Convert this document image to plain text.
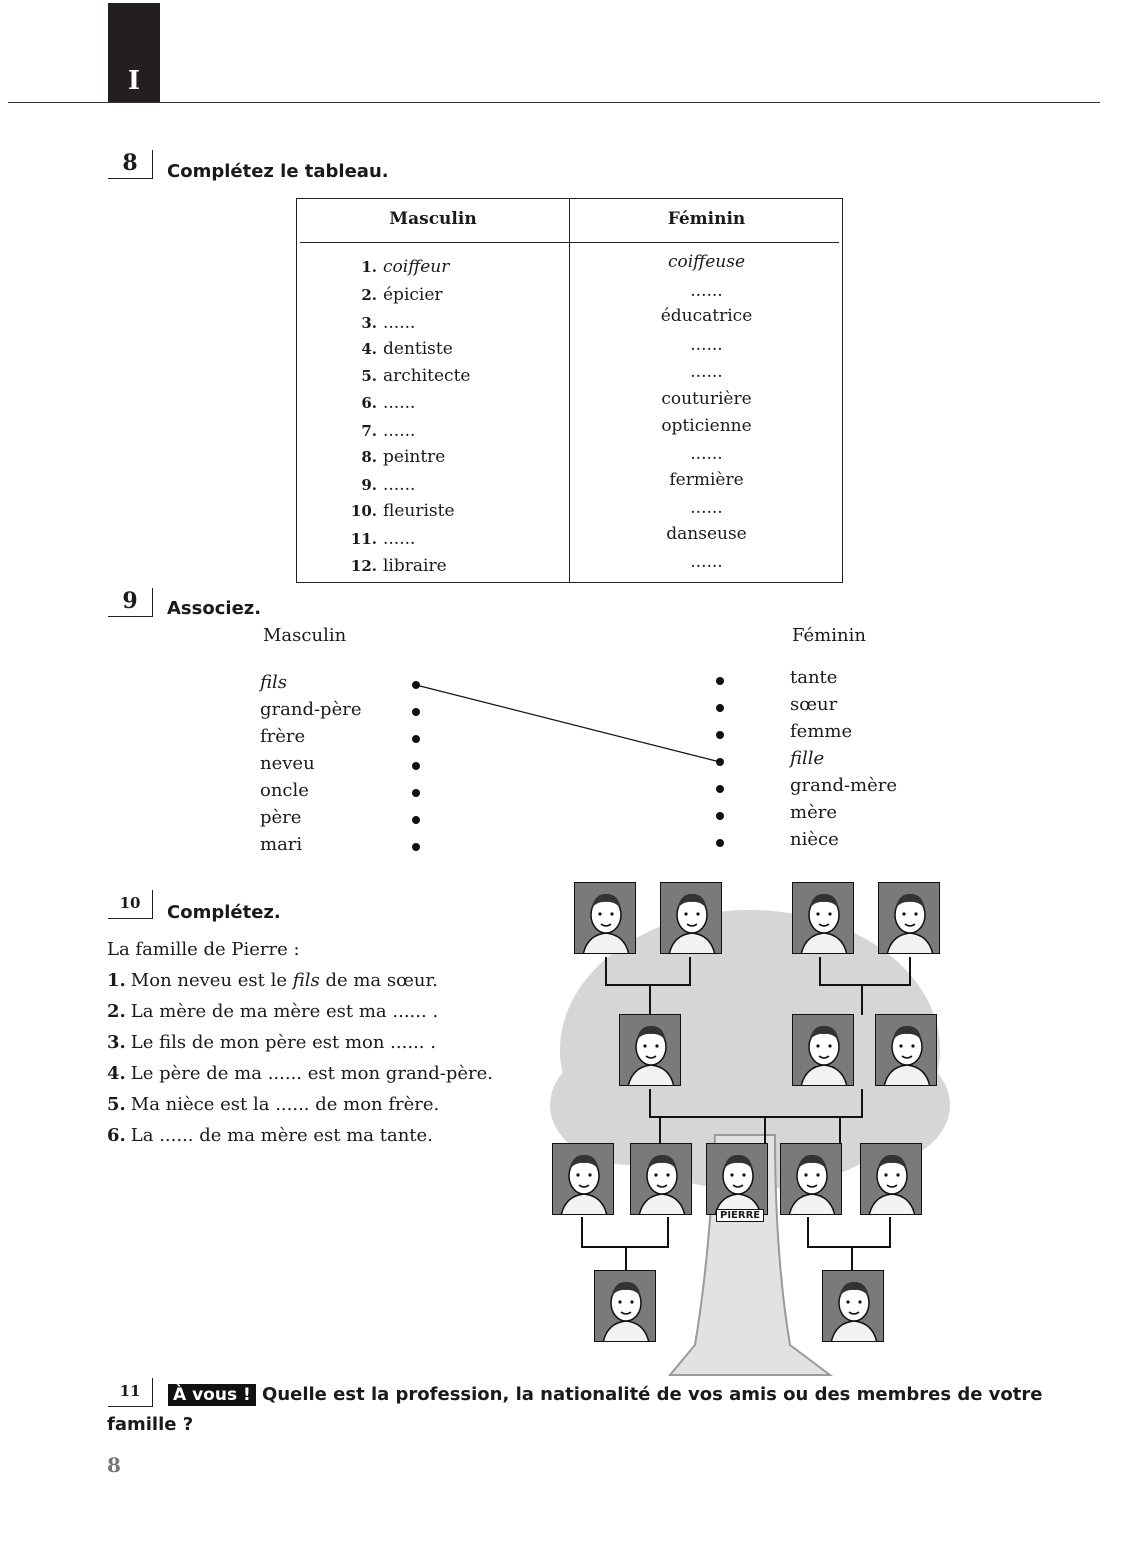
I
8	Complétez le tableau.
Masculin	Féminin
1. coiffeur	coiffeuse
2. épicier	......
3. ......	éducatrice
4. dentiste	......
5. architecte	......
6. ......	couturière
7. ......	opticienne
8. peintre	......
9. ......	fermière
10. fleuriste	......
11. ......	danseuse
12. libraire	......
9	Associez.
Masculin	Féminin
fils
grand-père
frère
neveu
oncle
père
mari
tante
sœur
femme
fille
grand-mère
mère
nièce
10	Complétez.
La famille de Pierre :
1. Mon neveu est le fils de ma sœur.
2. La mère de ma mère est ma ...... .
3. Le fils de mon père est mon ...... .
4. Le père de ma ...... est mon grand-père.
5. Ma nièce est la ...... de mon frère.
6. La ...... de ma mère est ma tante.
PIERRE
11	À vous ! Quelle est la profession, la nationalité de vos amis ou des membres de votre
famille ?
8
